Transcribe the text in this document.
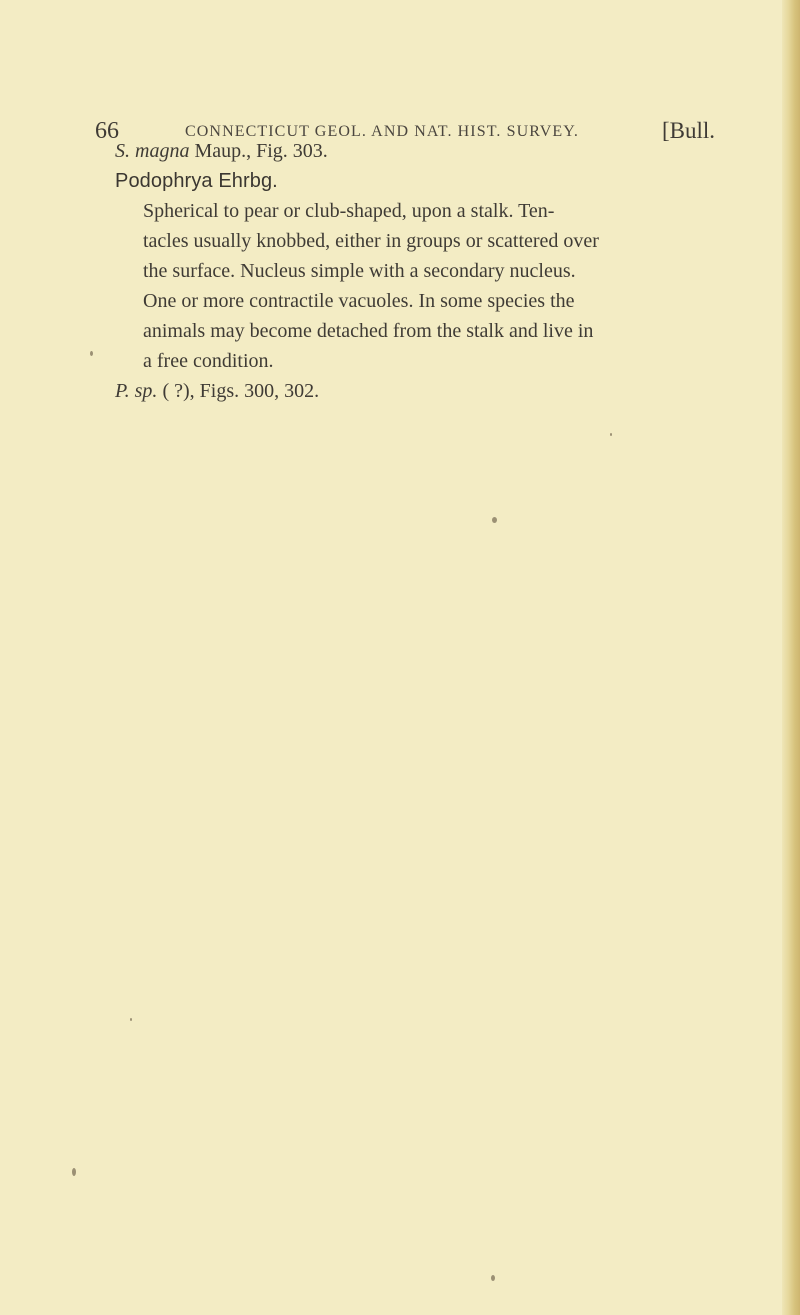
66	CONNECTICUT GEOL. AND NAT. HIST. SURVEY.	[Bull.
S. magna Maup., Fig. 303.
Podophrya Ehrbg.
Spherical to pear or club-shaped, upon a stalk. Ten-
tacles usually knobbed, either in groups or scattered over
the surface. Nucleus simple with a secondary nucleus.
One or more contractile vacuoles. In some species the
animals may become detached from the stalk and live in
a free condition.
P. sp. ( ?), Figs. 300, 302.
